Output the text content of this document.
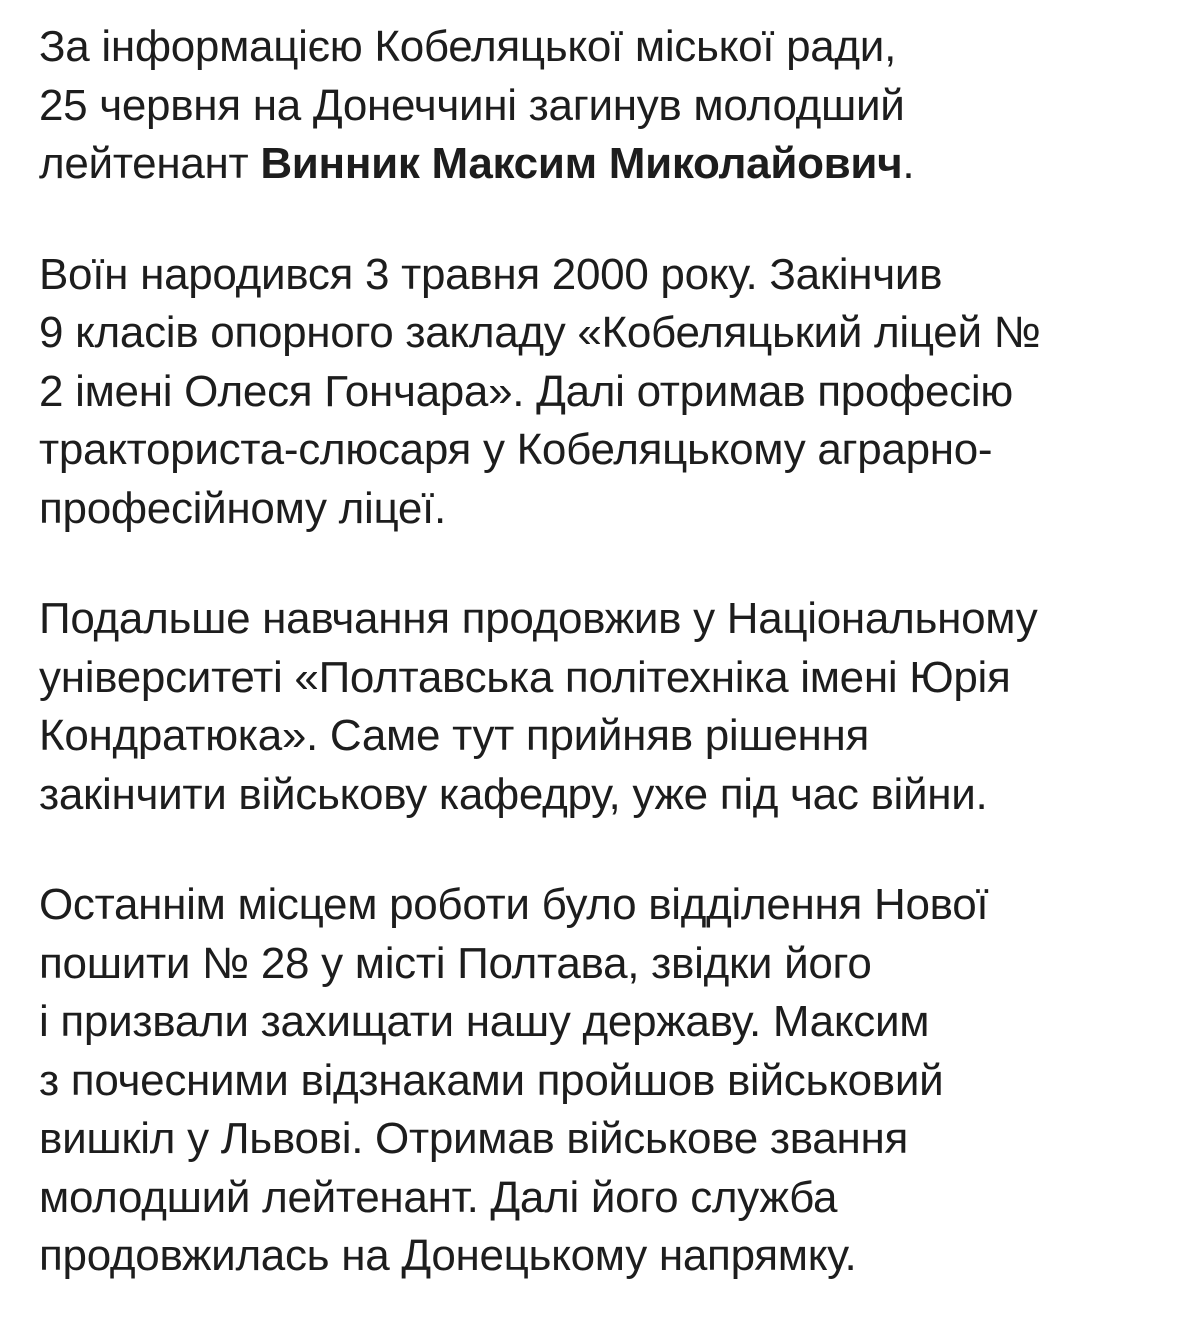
За інформацією Кобеляцької міської ради,
25 червня на Донеччині загинув молодший
лейтенант Винник Максим Миколайович.

Воїн народився 3 травня 2000 року. Закінчив
9 класів опорного закладу «Кобеляцький ліцей №
2 імені Олеся Гончара». Далі отримав професію
тракториста-слюсаря у Кобеляцькому аграрно-
професійному ліцеї.

Подальше навчання продовжив у Національному
університеті «Полтавська політехніка імені Юрія
Кондратюка». Саме тут прийняв рішення
закінчити військову кафедру, уже під час війни.

Останнім місцем роботи було відділення Нової
пошити № 28 у місті Полтава, звідки його
і призвали захищати нашу державу. Максим
з почесними відзнаками пройшов військовий
вишкіл у Львові. Отримав військове звання
молодший лейтенант. Далі його служба
продовжилась на Донецькому напрямку.
